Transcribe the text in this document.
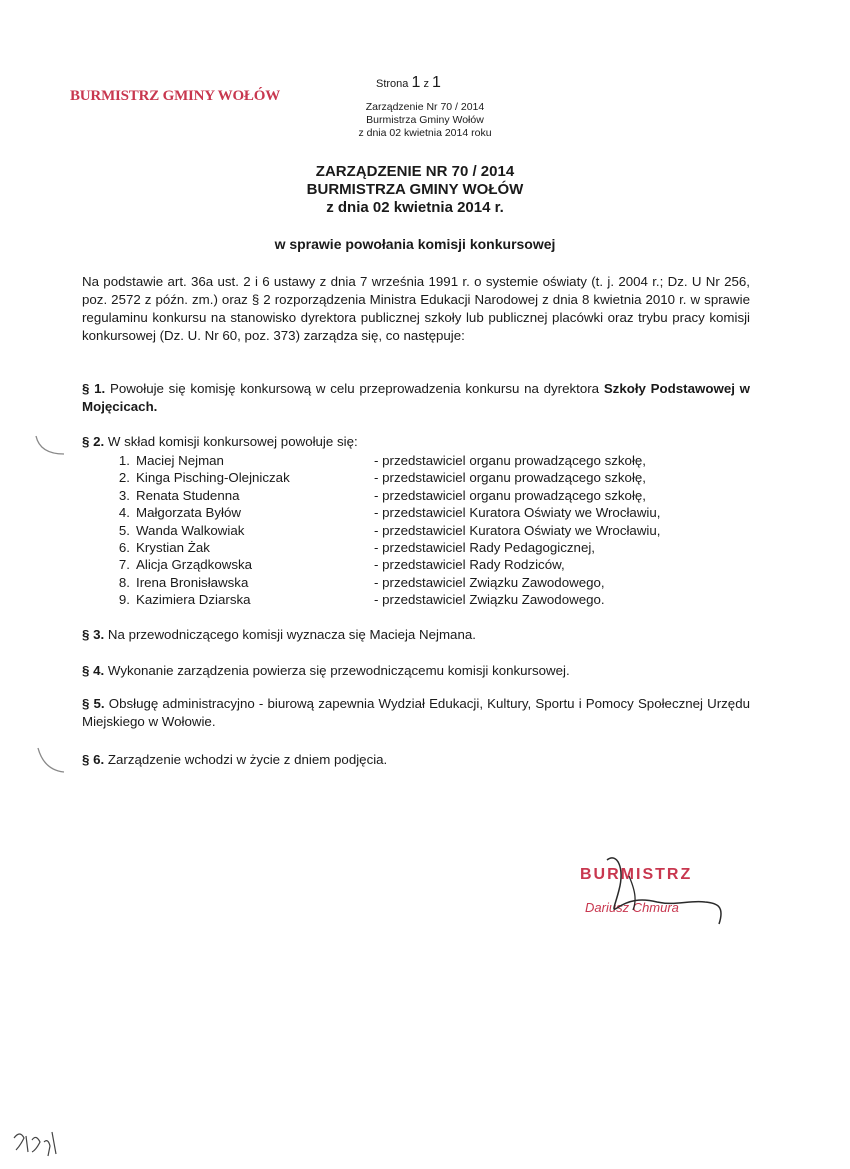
BURMISTRZ GMINY WOŁÓW
Strona 1 z 1
Zarządzenie Nr 70 / 2014
Burmistrza Gminy Wołów
z dnia 02 kwietnia 2014 roku
ZARZĄDZENIE NR 70 / 2014
BURMISTRZA GMINY WOŁÓW
z dnia 02 kwietnia 2014 r.
w sprawie powołania komisji konkursowej
Na podstawie art. 36a ust. 2 i 6 ustawy z dnia 7 września 1991 r. o systemie oświaty (t. j. 2004 r.; Dz. U Nr 256, poz. 2572 z późn. zm.) oraz § 2 rozporządzenia Ministra Edukacji Narodowej z dnia 8 kwietnia 2010 r. w sprawie regulaminu konkursu na stanowisko dyrektora publicznej szkoły lub publicznej placówki oraz trybu pracy komisji konkursowej (Dz. U. Nr 60, poz. 373) zarządza się, co następuje:
§ 1. Powołuje się komisję konkursową w celu przeprowadzenia konkursu na dyrektora Szkoły Podstawowej w Mojęcicach.
§ 2. W skład komisji konkursowej powołuje się:
1. Maciej Nejman	- przedstawiciel organu prowadzącego szkołę,
2. Kinga Pisching-Olejniczak	- przedstawiciel organu prowadzącego szkołę,
3. Renata Studenna	- przedstawiciel organu prowadzącego szkołę,
4. Małgorzata Byłów	- przedstawiciel Kuratora Oświaty we Wrocławiu,
5. Wanda Walkowiak	- przedstawiciel Kuratora Oświaty we Wrocławiu,
6. Krystian Żak	- przedstawiciel Rady Pedagogicznej,
7. Alicja Grządkowska	- przedstawiciel Rady Rodziców,
8. Irena Bronisławska	- przedstawiciel Związku Zawodowego,
9. Kazimiera Dziarska	- przedstawiciel Związku Zawodowego.
§ 3. Na przewodniczącego komisji wyznacza się Macieja Nejmana.
§ 4. Wykonanie zarządzenia powierza się przewodniczącemu komisji konkursowej.
§ 5. Obsługę administracyjno - biurową zapewnia Wydział Edukacji, Kultury, Sportu i Pomocy Społecznej Urzędu Miejskiego w Wołowie.
§ 6. Zarządzenie wchodzi w życie z dniem podjęcia.
BURMISTRZ
Dariusz Chmura
